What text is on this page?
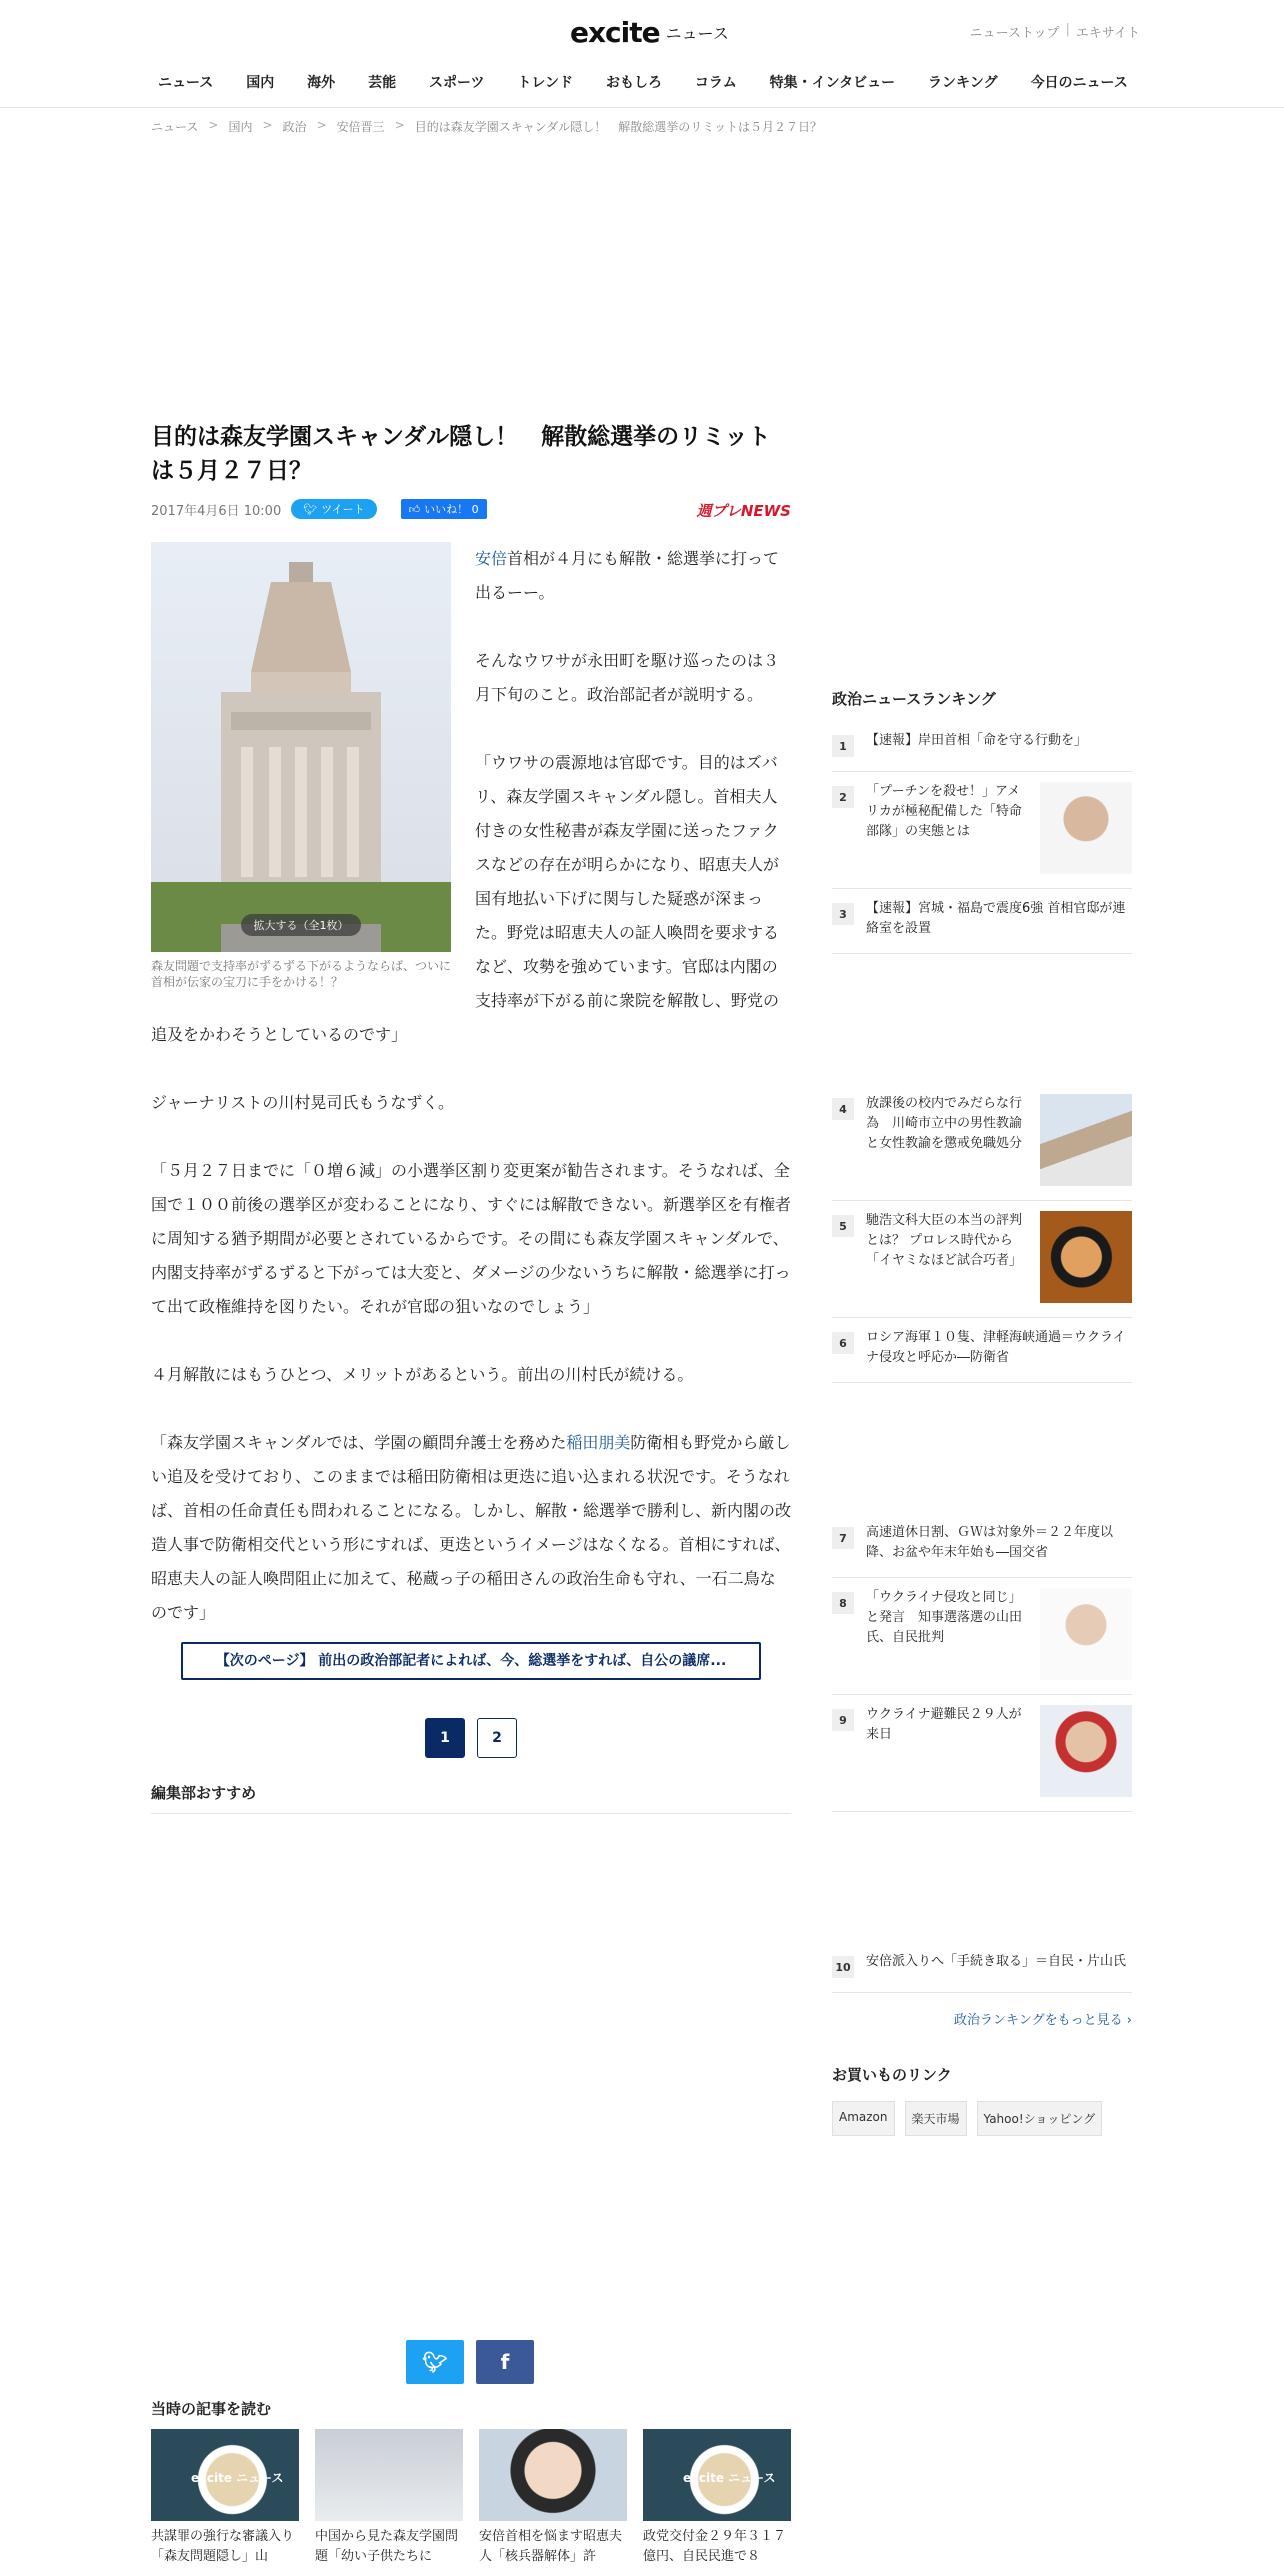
excite ニュース	ニューストップ | エキサイト
ニュース	国内	海外	芸能	スポーツ	トレンド	おもしろ	コラム	特集・インタビュー	ランキング	今日のニュース
ニュース > 国内 > 政治 > 安倍晋三 > 目的は森友学園スキャンダル隠し！　解散総選挙のリミットは５月２７日？
目的は森友学園スキャンダル隠し！　解散総選挙のリミットは５月２７日？
2017年4月6日 10:00 🐦︎ ツイート	👍︎ いいね！ 0	週プレNEWS
拡大する（全1枚）

森友問題で支持率がずるずる下がるようならば、ついに首相が伝家の宝刀に手をかける！？

安倍首相が４月にも解散・総選挙に打って出るーー。

そんなウワサが永田町を駆け巡ったのは３月下旬のこと。政治部記者が説明する。

「ウワサの震源地は官邸です。目的はズバリ、森友学園スキャンダル隠し。首相夫人付きの女性秘書が森友学園に送ったファクスなどの存在が明らかになり、昭恵夫人が国有地払い下げに関与した疑惑が深まった。野党は昭恵夫人の証人喚問を要求するなど、攻勢を強めています。官邸は内閣の支持率が下がる前に衆院を解散し、野党の追及をかわそうとしているのです」

ジャーナリストの川村晃司氏もうなずく。

「５月２７日までに「０増６減」の小選挙区割り変更案が勧告されます。そうなれば、全国で１００前後の選挙区が変わることになり、すぐには解散できない。新選挙区を有権者に周知する猶予期間が必要とされているからです。その間にも森友学園スキャンダルで、内閣支持率がずるずると下がっては大変と、ダメージの少ないうちに解散・総選挙に打って出て政権維持を図りたい。それが官邸の狙いなのでしょう」

４月解散にはもうひとつ、メリットがあるという。前出の川村氏が続ける。

「森友学園スキャンダルでは、学園の顧問弁護士を務めた稲田朋美防衛相も野党から厳しい追及を受けており、このままでは稲田防衛相は更迭に追い込まれる状況です。そうなれば、首相の任命責任も問われることになる。しかし、解散・総選挙で勝利し、新内閣の改造人事で防衛相交代という形にすれば、更迭というイメージはなくなる。首相にすれば、昭恵夫人の証人喚問阻止に加えて、秘蔵っ子の稲田さんの政治生命も守れ、一石二鳥なのです」

【次のページ】 前出の政治部記者によれば、今、総選挙をすれば、自公の議席...
1	2
編集部おすすめ
🐦︎	f
当時の記事を読む
excite ニュース
共謀罪の強行な審議入り「森友問題隠し」山
中国から見た森友学園問題「幼い子供たちに
安倍首相を悩ます昭恵夫人「核兵器解体」許
excite ニュース
政党交付金２９年３１７億円、自民民進で８
政治ニュースランキング
1	【速報】岸田首相「命を守る行動を」
2	「プーチンを殺せ！」アメリカが極秘配備した「特命部隊」の実態とは
3	【速報】宮城・福島で震度6強 首相官邸が連絡室を設置
4	放課後の校内でみだらな行為　川崎市立中の男性教諭と女性教諭を懲戒免職処分
5	馳浩文科大臣の本当の評判とは？ プロレス時代から「イヤミなほど試合巧者」
6	ロシア海軍１０隻、津軽海峡通過＝ウクライナ侵攻と呼応か―防衛省
7	高速道休日割、ＧＷは対象外＝２２年度以降、お盆や年末年始も―国交省
8	「ウクライナ侵攻と同じ」と発言　知事選落選の山田氏、自民批判
9	ウクライナ避難民２９人が来日
10 安倍派入りへ「手続き取る」＝自民・片山氏
政治ランキングをもっと見る ›
お買いものリンク
Amazon	楽天市場	Yahoo!ショッピング
